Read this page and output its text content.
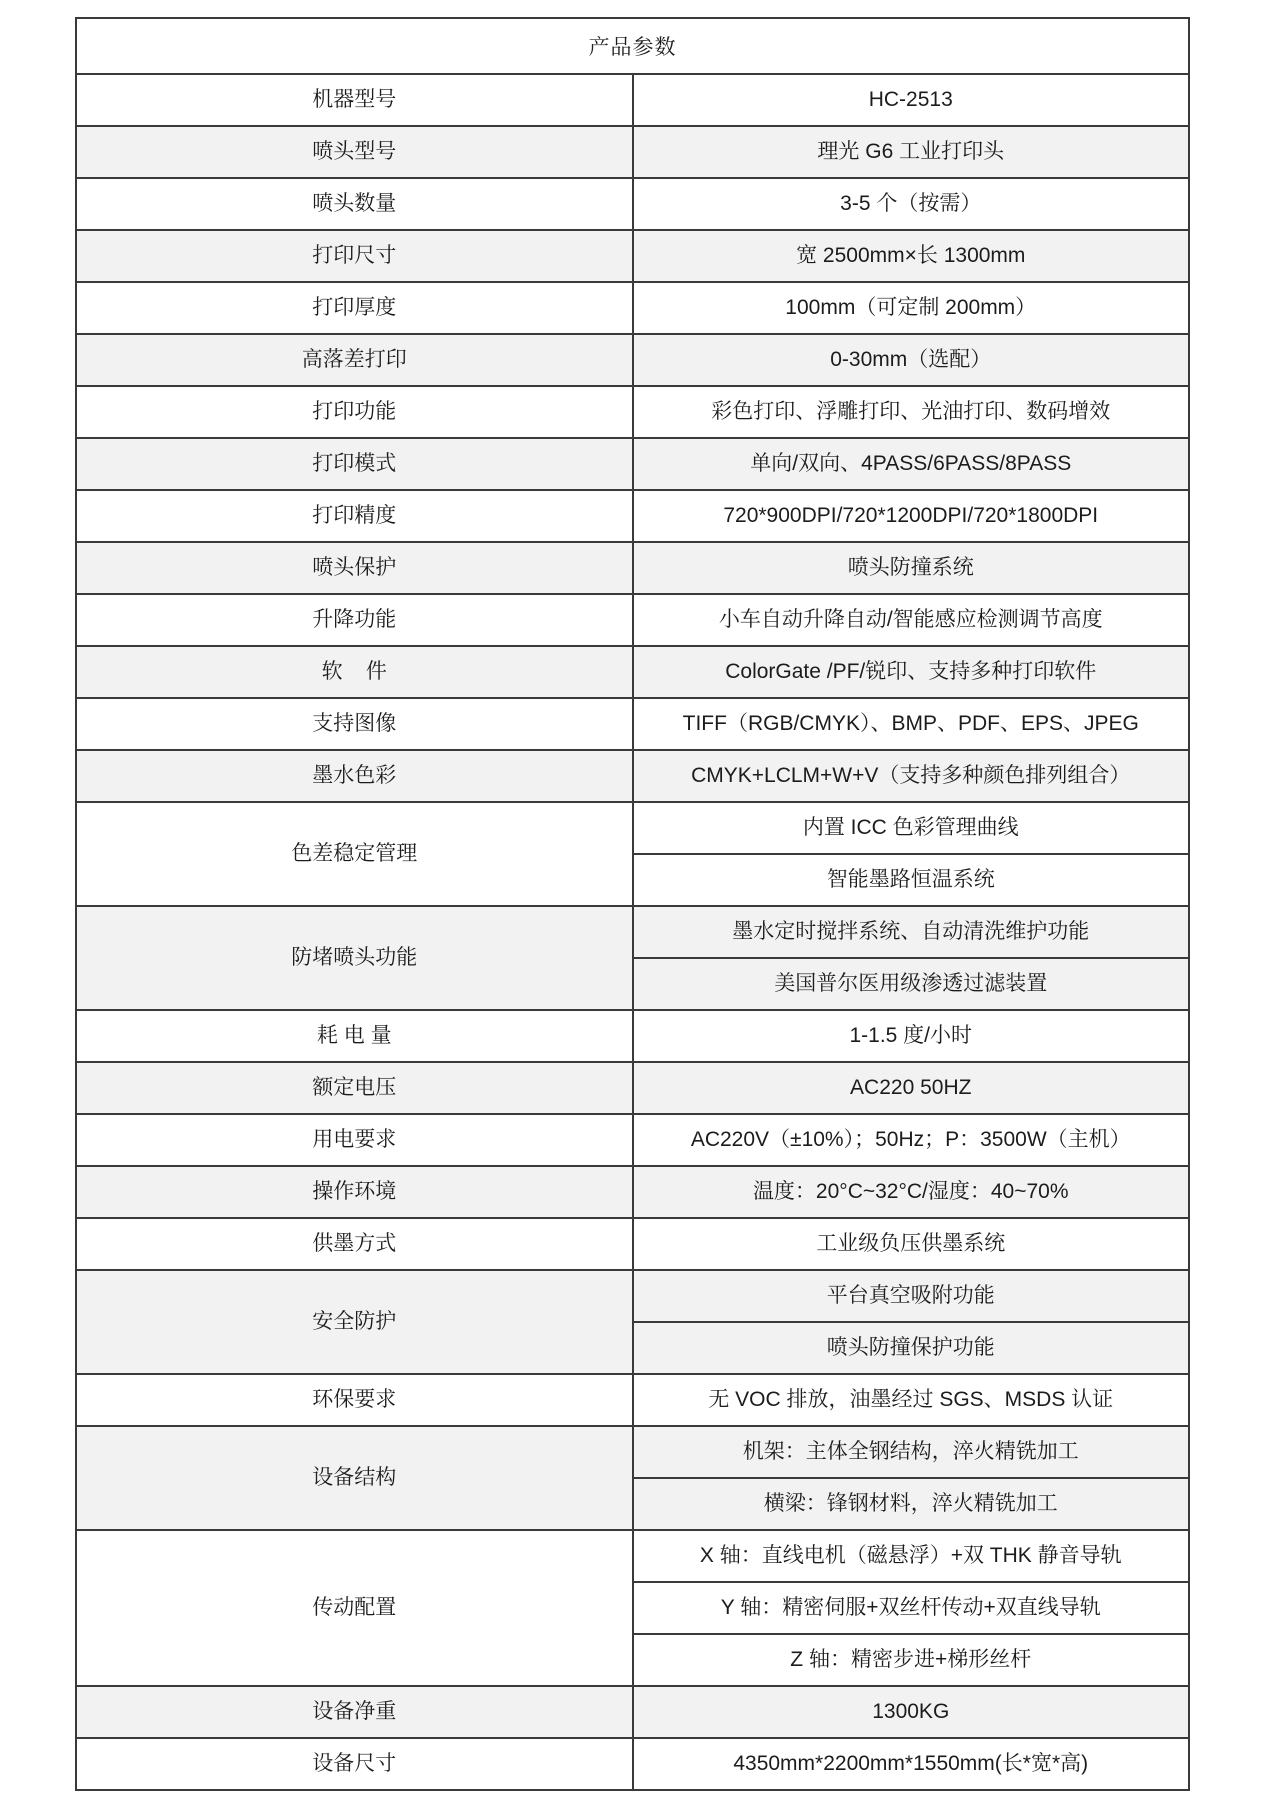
产品参数	
机器型号	HC-2513
喷头型号	理光 G6 工业打印头
喷头数量	3-5 个（按需）
打印尺寸	宽 2500mm×长 1300mm
打印厚度	100mm（可定制 200mm）
高落差打印	0-30mm（选配）
打印功能	彩色打印、浮雕打印、光油打印、数码增效
打印模式	单向/双向、4PASS/6PASS/8PASS
打印精度	720*900DPI/720*1200DPI/720*1800DPI
喷头保护	喷头防撞系统
升降功能	小车自动升降自动/智能感应检测调节高度
软    件	ColorGate /PF/锐印、支持多种打印软件
支持图像	TIFF（RGB/CMYK）、BMP、PDF、EPS、JPEG
墨水色彩	CMYK+LCLM+W+V（支持多种颜色排列组合）
色差稳定管理	内置 ICC 色彩管理曲线
	智能墨路恒温系统
防堵喷头功能	墨水定时搅拌系统、自动清洗维护功能
	美国普尔医用级渗透过滤装置
耗 电 量	1-1.5 度/小时
额定电压	AC220 50HZ
用电要求	AC220V（±10%）；50Hz；P：3500W（主机）
操作环境	温度：20°C~32°C/湿度：40~70%
供墨方式	工业级负压供墨系统
安全防护	平台真空吸附功能
	喷头防撞保护功能
环保要求	无 VOC 排放，油墨经过 SGS、MSDS 认证
设备结构	机架：主体全钢结构，淬火精铣加工
	横梁：锋钢材料，淬火精铣加工
传动配置	X 轴：直线电机（磁悬浮）+双 THK 静音导轨
	Y 轴：精密伺服+双丝杆传动+双直线导轨
	Z 轴：精密步进+梯形丝杆
设备净重	1300KG
设备尺寸	4350mm*2200mm*1550mm(长*宽*高)
